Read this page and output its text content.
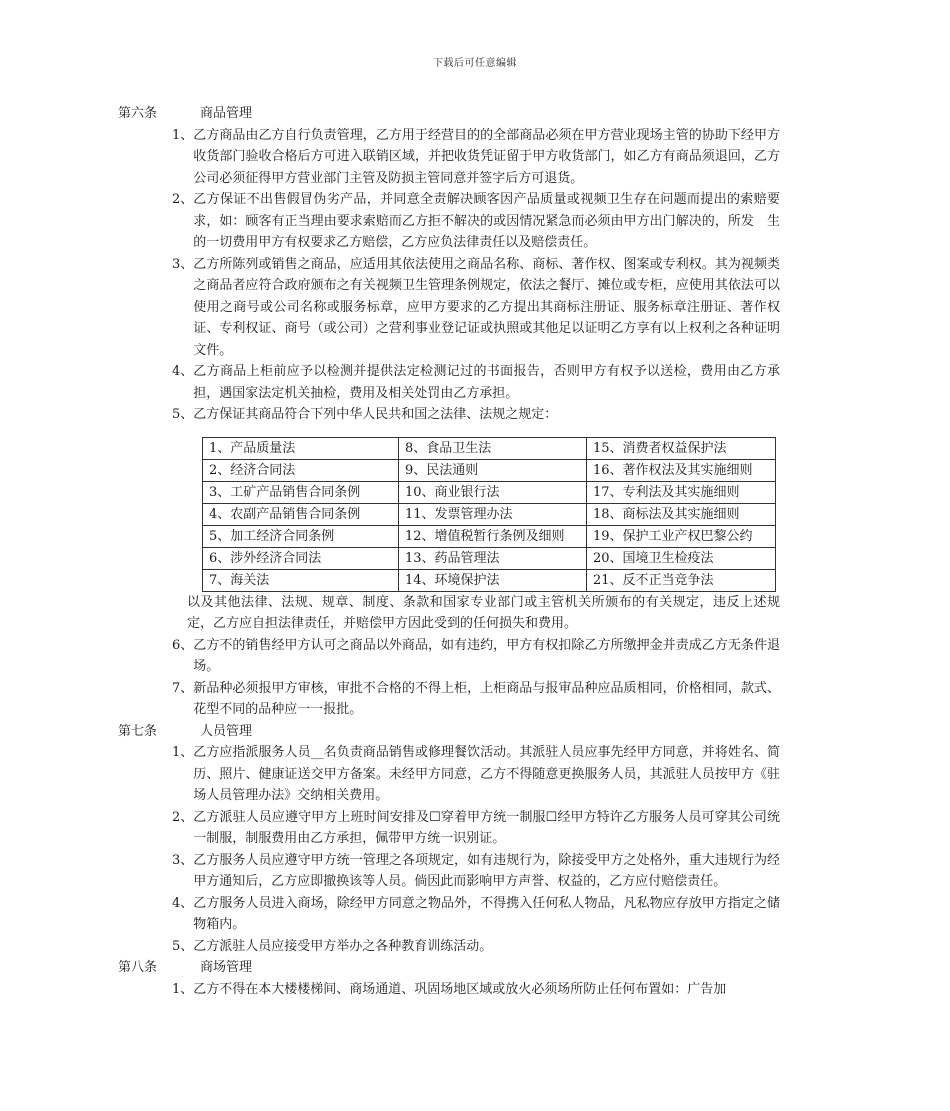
下载后可任意编辑
第六条	商品管理
1、 乙方商品由乙方自行负责管理，乙方用于经营目的的全部商品必须在甲方营业现场主管的协助下经甲方收货部门验收合格后方可进入联销区域，并把收货凭证留于甲方收货部门，如乙方有商品须退回，乙方公司必须征得甲方营业部门主管及防损主管同意并签字后方可退货。
2、 乙方保证不出售假冒伪劣产品，并同意全责解决顾客因产品质量或视频卫生存在问题而提出的索赔要求，如：顾客有正当理由要求索赔而乙方拒不解决的或因情况紧急而必须由甲方出门解决的，所发　生的一切费用甲方有权要求乙方赔偿，乙方应负法律责任以及赔偿责任。
3、 乙方所陈列或销售之商品，应适用其依法使用之商品名称、商标、著作权、图案或专利权。其为视频类之商品者应符合政府颁布之有关视频卫生管理条例规定，依法之餐厅、摊位或专柜，应使用其依法可以使用之商号或公司名称或服务标章，应甲方要求的乙方提出其商标注册证、服务标章注册证、著作权证、专利权证、商号（或公司）之营利事业登记证或执照或其他足以证明乙方享有以上权利之各种证明文件。
4、 乙方商品上柜前应予以检测并提供法定检测记过的书面报告，否则甲方有权予以送检，费用由乙方承担，遇国家法定机关抽检，费用及相关处罚由乙方承担。
5、 乙方保证其商品符合下列中华人民共和国之法律、法规之规定：
1、产品质量法	8、食品卫生法	15、消费者权益保护法
2、经济合同法	9、民法通则	16、著作权法及其实施细则
3、工矿产品销售合同条例	10、商业银行法	17、专利法及其实施细则
4、农副产品销售合同条例	11、发票管理办法	18、商标法及其实施细则
5、加工经济合同条例	12、增值税暂行条例及细则	19、保护工业产权巴黎公约
6、涉外经济合同法	13、药品管理法	20、国境卫生检疫法
7、海关法	14、环境保护法	21、反不正当竞争法
以及其他法律、法规、规章、制度、条款和国家专业部门或主管机关所颁布的有关规定，违反上述规定，乙方应自担法律责任，并赔偿甲方因此受到的任何损失和费用。
6、 乙方不的销售经甲方认可之商品以外商品，如有违约，甲方有权扣除乙方所缴押金并责成乙方无条件退场。
7、 新品种必须报甲方审核，审批不合格的不得上柜，上柜商品与报审品种应品质相同，价格相同，款式、花型不同的品种应一一报批。
第七条	人员管理
1、 乙方应指派服务人员__名负责商品销售或修理餐饮活动。其派驻人员应事先经甲方同意，并将姓名、简历、照片、健康证送交甲方备案。未经甲方同意，乙方不得随意更换服务人员，其派驻人员按甲方《驻场人员管理办法》交纳相关费用。
2、 乙方派驻人员应遵守甲方上班时间安排及☐穿着甲方统一制服☐经甲方特许乙方服务人员可穿其公司统一制服，制服费用由乙方承担，佩带甲方统一识别证。
3、 乙方服务人员应遵守甲方统一管理之各项规定，如有违规行为，除接受甲方之处格外，重大违规行为经甲方通知后，乙方应即撤换该等人员。倘因此而影响甲方声誉、权益的，乙方应付赔偿责任。
4、 乙方服务人员进入商场，除经甲方同意之物品外，不得携入任何私人物品，凡私物应存放甲方指定之储物箱内。
5、 乙方派驻人员应接受甲方举办之各种教育训练活动。
第八条	商场管理
1、 乙方不得在本大楼楼梯间、商场通道、巩固场地区域或放火必须场所防止任何布置如：广告加
